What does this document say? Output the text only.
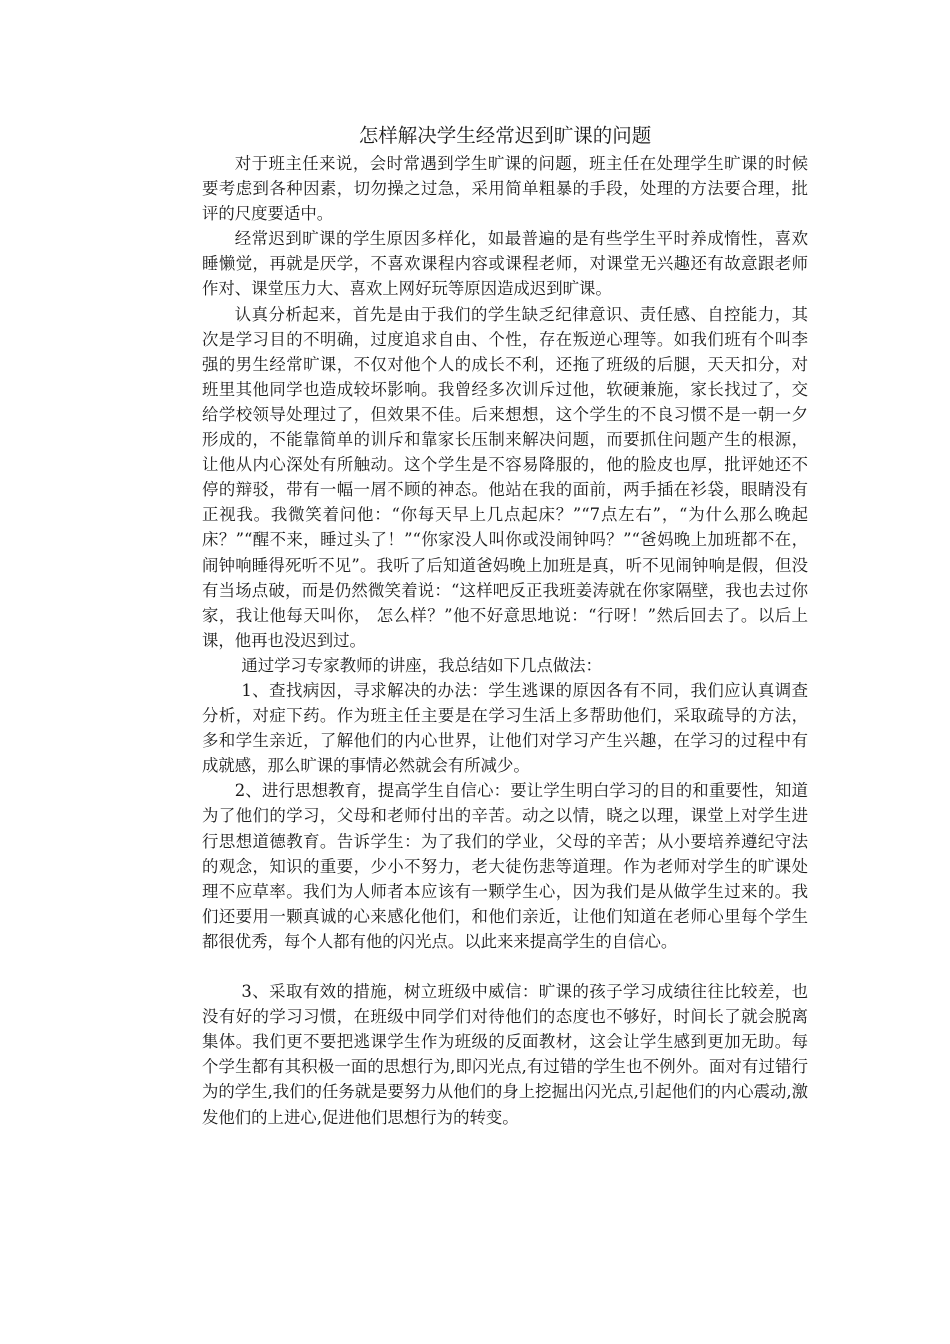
怎样解决学生经常迟到旷课的问题

对于班主任来说，会时常遇到学生旷课的问题，班主任在处理学生旷课的时候要考虑到各种因素，切勿操之过急，采用简单粗暴的手段，处理的方法要合理，批评的尺度要适中。

经常迟到旷课的学生原因多样化，如最普遍的是有些学生平时养成惰性，喜欢睡懒觉，再就是厌学，不喜欢课程内容或课程老师，对课堂无兴趣还有故意跟老师作对、课堂压力大、喜欢上网好玩等原因造成迟到旷课。

认真分析起来，首先是由于我们的学生缺乏纪律意识、责任感、自控能力，其次是学习目的不明确，过度追求自由、个性，存在叛逆心理等。如我们班有个叫李强的男生经常旷课，不仅对他个人的成长不利，还拖了班级的后腿，天天扣分，对班里其他同学也造成较坏影响。我曾经多次训斥过他，软硬兼施，家长找过了，交给学校领导处理过了，但效果不佳。后来想想，这个学生的不良习惯不是一朝一夕形成的，不能靠简单的训斥和靠家长压制来解决问题，而要抓住问题产生的根源，让他从内心深处有所触动。这个学生是不容易降服的，他的脸皮也厚，批评她还不停的辩驳，带有一幅一屑不顾的神态。他站在我的面前，两手插在衫袋，眼睛没有正视我。我微笑着问他：“你每天早上几点起床？”“7点左右”，“为什么那么晚起床？”“醒不来，睡过头了！”“你家没人叫你或没闹钟吗？”“爸妈晚上加班都不在，闹钟响睡得死听不见”。我听了后知道爸妈晚上加班是真，听不见闹钟响是假，但没有当场点破，而是仍然微笑着说：“这样吧反正我班姜涛就在你家隔壁，我也去过你家，我让他每天叫你， 怎么样？”他不好意思地说：“行呀！”然后回去了。以后上课，他再也没迟到过。

通过学习专家教师的讲座，我总结如下几点做法：

1、查找病因，寻求解决的办法：学生逃课的原因各有不同，我们应认真调查分析，对症下药。作为班主任主要是在学习生活上多帮助他们，采取疏导的方法，多和学生亲近，了解他们的内心世界，让他们对学习产生兴趣，在学习的过程中有成就感，那么旷课的事情必然就会有所减少。

2、进行思想教育，提高学生自信心：要让学生明白学习的目的和重要性，知道为了他们的学习，父母和老师付出的辛苦。动之以情，晓之以理，课堂上对学生进行思想道德教育。告诉学生：为了我们的学业，父母的辛苦；从小要培养遵纪守法的观念，知识的重要，少小不努力，老大徒伤悲等道理。作为老师对学生的旷课处理不应草率。我们为人师者本应该有一颗学生心，因为我们是从做学生过来的。我们还要用一颗真诚的心来感化他们，和他们亲近，让他们知道在老师心里每个学生都很优秀，每个人都有他的闪光点。以此来来提高学生的自信心。

3、采取有效的措施，树立班级中威信：旷课的孩子学习成绩往往比较差，也没有好的学习习惯，在班级中同学们对待他们的态度也不够好，时间长了就会脱离集体。我们更不要把逃课学生作为班级的反面教材，这会让学生感到更加无助。每个学生都有其积极一面的思想行为,即闪光点,有过错的学生也不例外。面对有过错行为的学生,我们的任务就是要努力从他们的身上挖掘出闪光点,引起他们的内心震动,激发他们的上进心,促进他们思想行为的转变。
